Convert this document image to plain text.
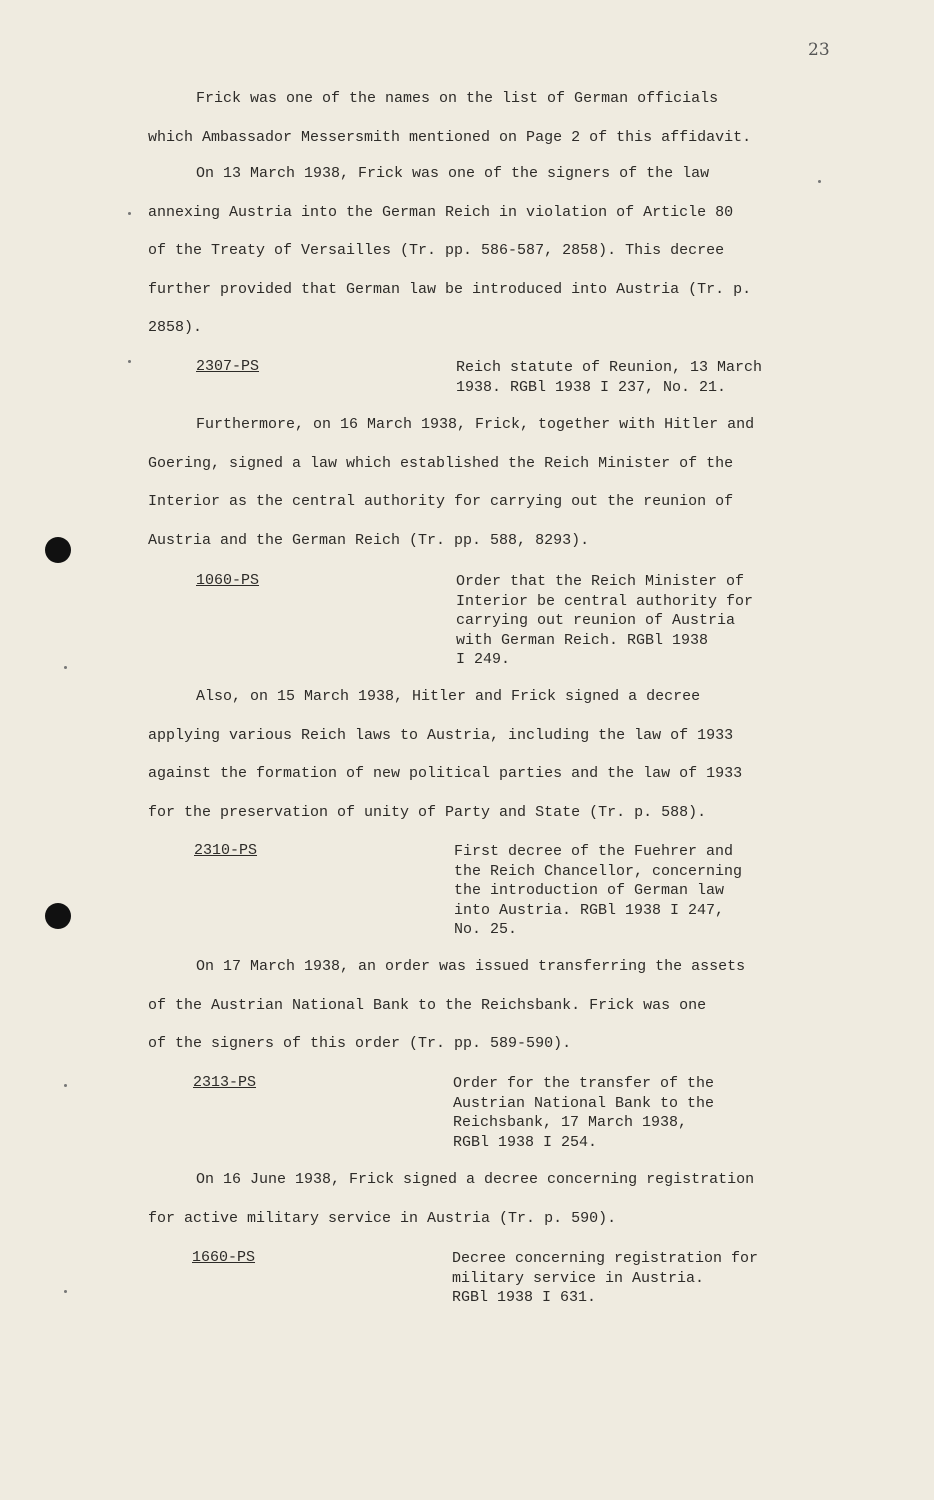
23
Frick was one of the names on the list of German officials
which Ambassador Messersmith mentioned on Page 2 of this affidavit.
On 13 March 1938, Frick was one of the signers of the law
annexing Austria into the German Reich in violation of Article 80
of the Treaty of Versailles (Tr. pp. 586-587, 2858). This decree
further provided that German law be introduced into Austria (Tr. p.
2858).
2307-PS	Reich statute of Reunion, 13 March
1938. RGBl 1938 I 237, No. 21.
Furthermore, on 16 March 1938, Frick, together with Hitler and
Goering, signed a law which established the Reich Minister of the
Interior as the central authority for carrying out the reunion of
Austria and the German Reich (Tr. pp. 588, 8293).
1060-PS	Order that the Reich Minister of
Interior be central authority for
carrying out reunion of Austria
with German Reich. RGBl 1938
I 249.
Also, on 15 March 1938, Hitler and Frick signed a decree
applying various Reich laws to Austria, including the law of 1933
against the formation of new political parties and the law of 1933
for the preservation of unity of Party and State (Tr. p. 588).
2310-PS	First decree of the Fuehrer and
the Reich Chancellor, concerning
the introduction of German law
into Austria. RGBl 1938 I 247,
No. 25.
On 17 March 1938, an order was issued transferring the assets
of the Austrian National Bank to the Reichsbank. Frick was one
of the signers of this order (Tr. pp. 589-590).
2313-PS	Order for the transfer of the
Austrian National Bank to the
Reichsbank, 17 March 1938,
RGBl 1938 I 254.
On 16 June 1938, Frick signed a decree concerning registration
for active military service in Austria (Tr. p. 590).
1660-PS	Decree concerning registration for
military service in Austria.
RGBl 1938 I 631.
